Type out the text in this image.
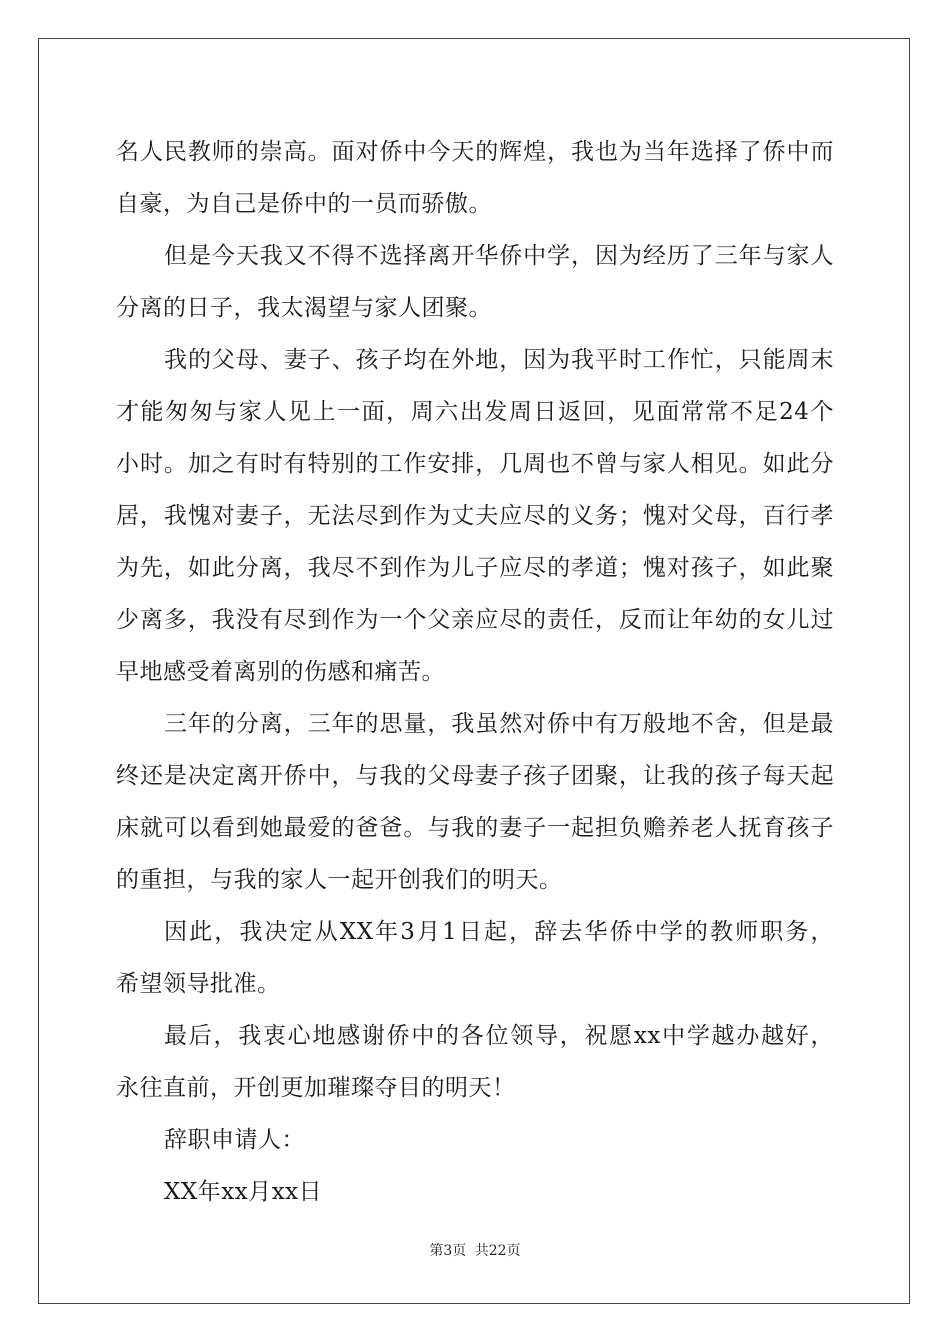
名人民教师的崇高。面对侨中今天的辉煌，我也为当年选择了侨中而
自豪，为自己是侨中的一员而骄傲。
但是今天我又不得不选择离开华侨中学，因为经历了三年与家人
分离的日子，我太渴望与家人团聚。
我的父母、妻子、孩子均在外地，因为我平时工作忙，只能周末
才能匆匆与家人见上一面，周六出发周日返回，见面常常不足24个
小时。加之有时有特别的工作安排，几周也不曾与家人相见。如此分
居，我愧对妻子，无法尽到作为丈夫应尽的义务；愧对父母，百行孝
为先，如此分离，我尽不到作为儿子应尽的孝道；愧对孩子，如此聚
少离多，我没有尽到作为一个父亲应尽的责任，反而让年幼的女儿过
早地感受着离别的伤感和痛苦。
三年的分离，三年的思量，我虽然对侨中有万般地不舍，但是最
终还是决定离开侨中，与我的父母妻子孩子团聚，让我的孩子每天起
床就可以看到她最爱的爸爸。与我的妻子一起担负赡养老人抚育孩子
的重担，与我的家人一起开创我们的明天。
因此，我决定从XX年3月1日起，辞去华侨中学的教师职务，
希望领导批准。
最后，我衷心地感谢侨中的各位领导，祝愿xx中学越办越好，
永往直前，开创更加璀璨夺目的明天！
辞职申请人：
XX年xx月xx日
第3页 共22页
